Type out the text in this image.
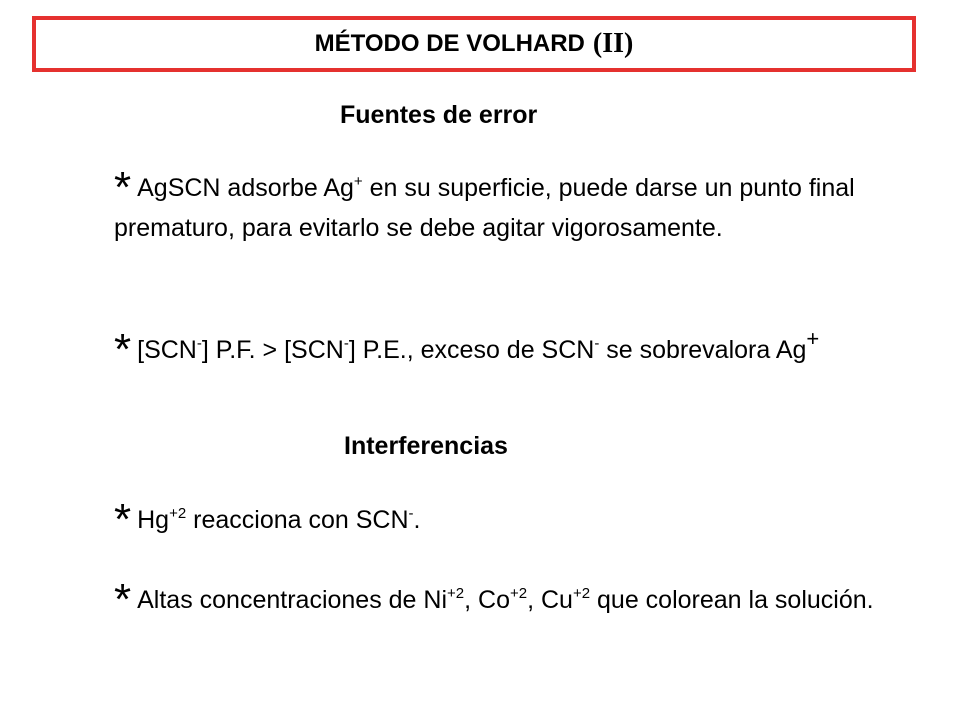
MÉTODO DE VOLHARD (II)
Fuentes de error
* AgSCN adsorbe Ag+ en su superficie, puede darse un punto final prematuro, para evitarlo se debe agitar vigorosamente.
* [SCN-] P.F. > [SCN-] P.E., exceso de SCN- se sobrevalora Ag+
Interferencias
* $Hg^{+2}$ reacciona con SCN-.
* Altas concentraciones de $Ni^{+2}$, $Co^{+2}$, $Cu^{+2}$ que colorean la solución.
